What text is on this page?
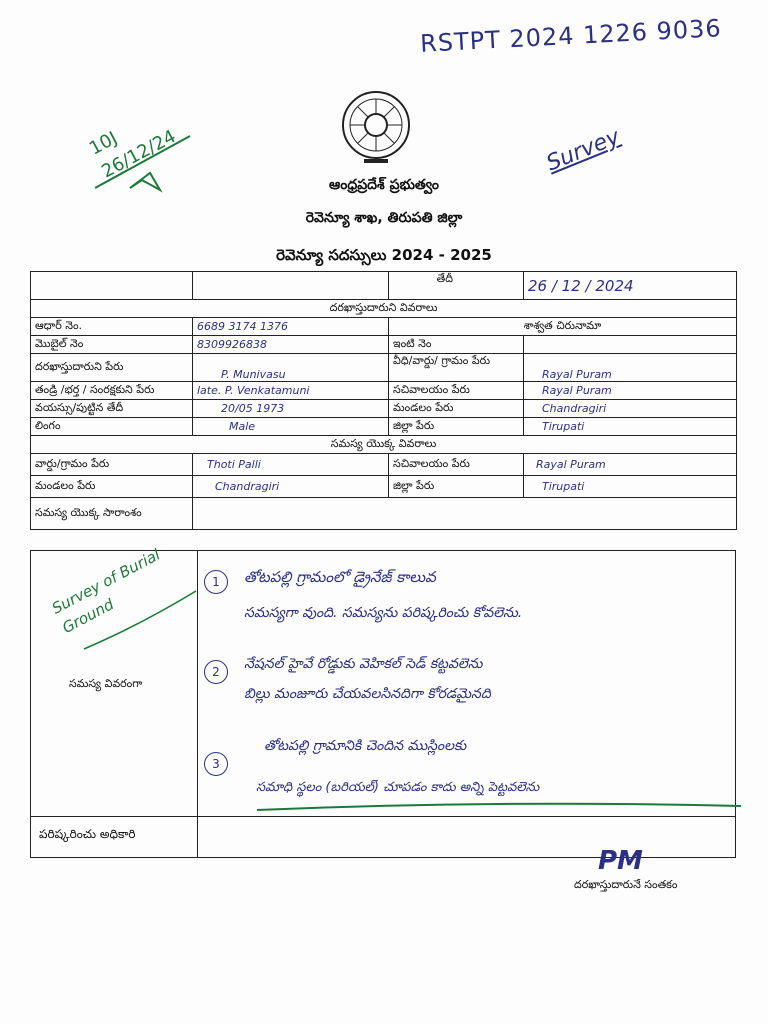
RSTPT 2024 1226 9036
10J 26/12/24	Survey
ఆంధ్రప్రదేశ్ ప్రభుత్వం
రెవెన్యూ శాఖ, తిరుపతి జిల్లా
రెవెన్యూ సదస్సులు 2024 - 2025
		తేదీ	26 / 12 / 2024
దరఖాస్తుదారుని వివరాలు			
ఆధార్ నెం.	6689 3174 1376	శాశ్వత చిరునామా	
మొబైల్ నెం	8309926838	ఇంటి నెం	
దరఖాస్తుదారుని పేరు	P. Munivasu	వీధి/వార్డు/ గ్రామం పేరు	Rayal Puram
తండ్రి /భర్త / సంరక్షకుని పేరు	late. P. Venkatamuni	సచివాలయం పేరు	Rayal Puram
వయస్సు/పుట్టిన తేదీ	20/05 1973	మండలం పేరు	Chandragiri
లింగం	Male	జిల్లా పేరు	Tirupati
సమస్య యొక్క వివరాలు			
వార్డు/గ్రామం పేరు	Thoti Palli	సచివాలయం పేరు	Rayal Puram
మండలం పేరు	Chandragiri	జిల్లా పేరు	Tirupati
సమస్య యొక్క సారాంశం			
సమస్య వివరంగా
పరిష్కరించు అధికారి
Survey of Burial Ground
1	తోటపల్లి గ్రామంలో డ్రైనేజ్ కాలువ
సమస్యగా వుంది. సమస్యను పరిష్కరించు కోవలెను.
2	నేషనల్ హైవే రోడ్డుకు వెహికల్ సెడ్ కట్టవలెను
బిల్లు మంజూరు చేయవలసినదిగా కోరడమైనది
3
తోటపల్లి గ్రామానికి చెందిన ముస్లింలకు
సమాధి స్థలం (బరియల్) చూపడం కాదు అన్ని పెట్టవలెను
PM
దరఖాస్తుదారునే సంతకం
